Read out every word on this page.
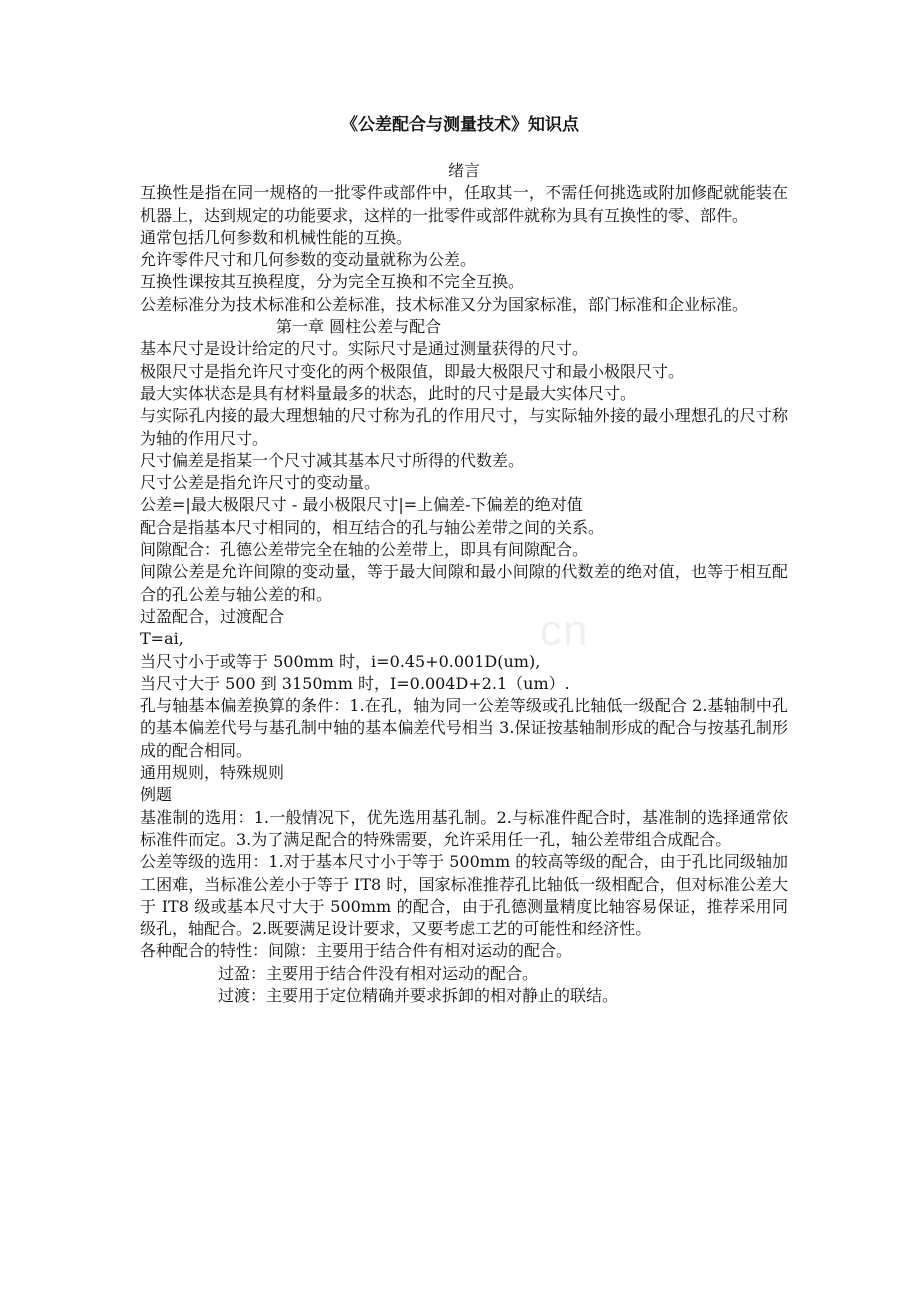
cn
《公差配合与测量技术》知识点

绪言

互换性是指在同一规格的一批零件或部件中，任取其一，不需任何挑选或附加修配就能装在机器上，达到规定的功能要求，这样的一批零件或部件就称为具有互换性的零、部件。

通常包括几何参数和机械性能的互换。

允许零件尺寸和几何参数的变动量就称为公差。

互换性课按其互换程度，分为完全互换和不完全互换。

公差标准分为技术标准和公差标准，技术标准又分为国家标准，部门标准和企业标准。

第一章 圆柱公差与配合

基本尺寸是设计给定的尺寸。实际尺寸是通过测量获得的尺寸。

极限尺寸是指允许尺寸变化的两个极限值，即最大极限尺寸和最小极限尺寸。

最大实体状态是具有材料量最多的状态，此时的尺寸是最大实体尺寸。

与实际孔内接的最大理想轴的尺寸称为孔的作用尺寸，与实际轴外接的最小理想孔的尺寸称为轴的作用尺寸。

尺寸偏差是指某一个尺寸减其基本尺寸所得的代数差。

尺寸公差是指允许尺寸的变动量。

公差=|最大极限尺寸 - 最小极限尺寸|=上偏差-下偏差的绝对值

配合是指基本尺寸相同的，相互结合的孔与轴公差带之间的关系。

间隙配合：孔德公差带完全在轴的公差带上，即具有间隙配合。

间隙公差是允许间隙的变动量，等于最大间隙和最小间隙的代数差的绝对值，也等于相互配合的孔公差与轴公差的和。

过盈配合，过渡配合

T=ai,

当尺寸小于或等于 500mm 时，i=0.45+0.001D(um),

当尺寸大于 500 到 3150mm 时，I=0.004D+2.1（um）.

孔与轴基本偏差换算的条件：1.在孔，轴为同一公差等级或孔比轴低一级配合 2.基轴制中孔的基本偏差代号与基孔制中轴的基本偏差代号相当 3.保证按基轴制形成的配合与按基孔制形成的配合相同。

通用规则，特殊规则

例题

基准制的选用：1.一般情况下，优先选用基孔制。2.与标准件配合时，基准制的选择通常依标准件而定。3.为了满足配合的特殊需要，允许采用任一孔，轴公差带组合成配合。

公差等级的选用：1.对于基本尺寸小于等于 500mm 的较高等级的配合，由于孔比同级轴加工困难，当标准公差小于等于 IT8 时，国家标准推荐孔比轴低一级相配合，但对标准公差大于 IT8 级或基本尺寸大于 500mm 的配合，由于孔德测量精度比轴容易保证，推荐采用同级孔，轴配合。2.既要满足设计要求，又要考虑工艺的可能性和经济性。

各种配合的特性：间隙：主要用于结合件有相对运动的配合。

过盈：主要用于结合件没有相对运动的配合。

过渡：主要用于定位精确并要求拆卸的相对静止的联结。
